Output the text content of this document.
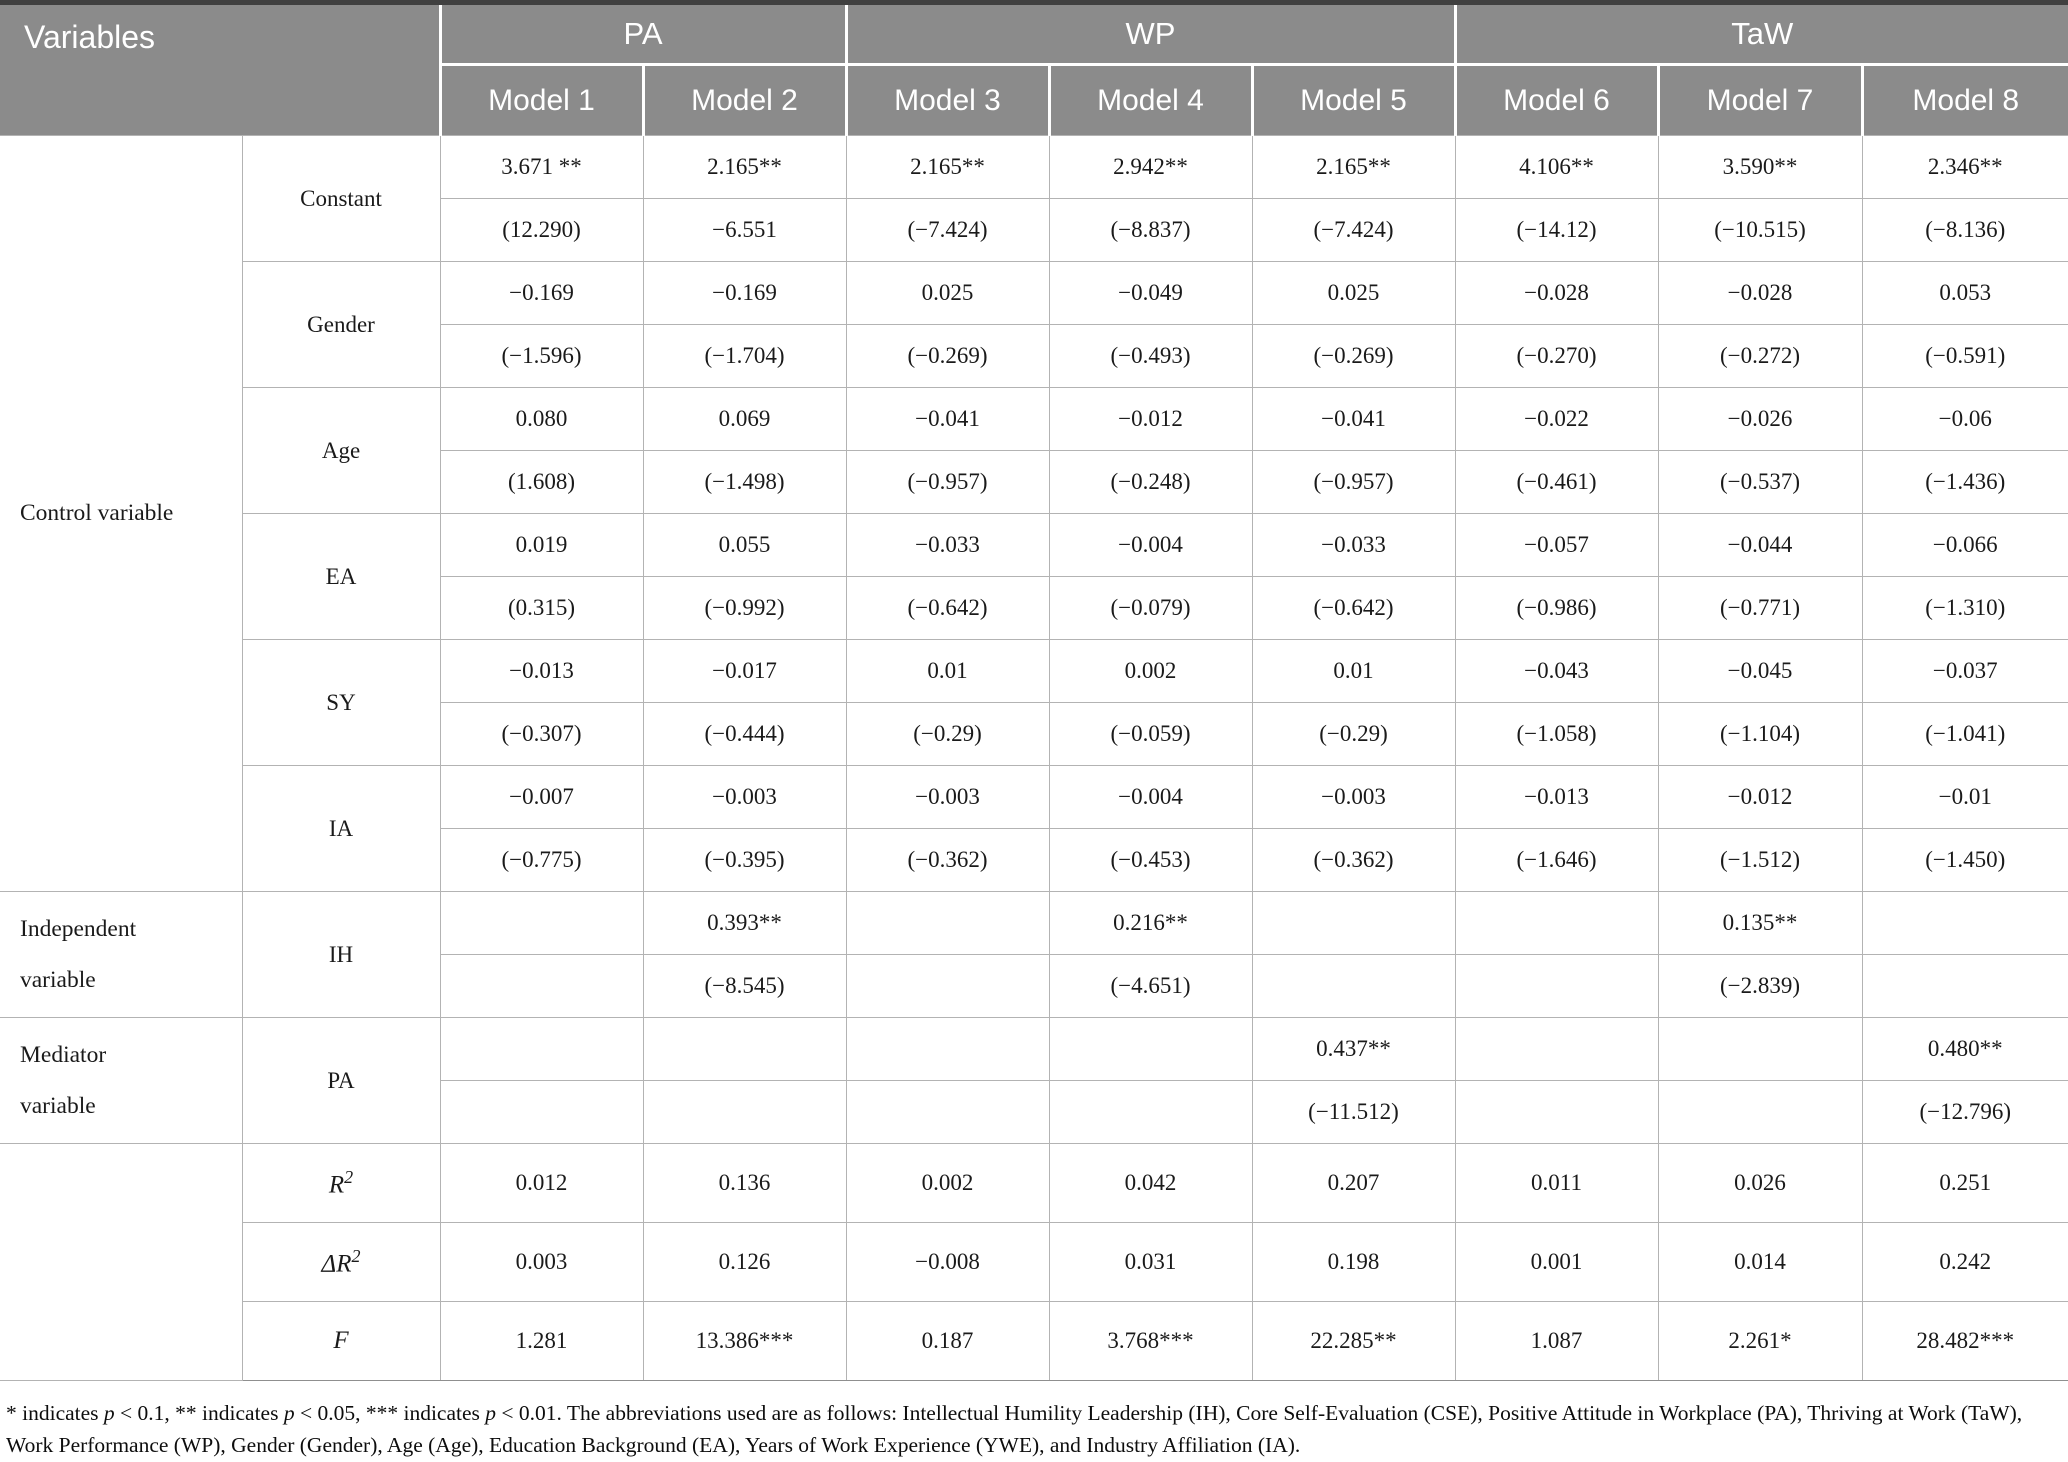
Variables		PA		WP			TaW		
		Model 1	Model 2	Model 3	Model 4	Model 5	Model 6	Model 7	Model 8
Control variable	Constant	3.671 **	2.165**	2.165**	2.942**	2.165**	4.106**	3.590**	2.346**
		(12.290)	−6.551	(−7.424)	(−8.837)	(−7.424)	(−14.12)	(−10.515)	(−8.136)
	Gender	−0.169	−0.169	0.025	−0.049	0.025	−0.028	−0.028	0.053
		(−1.596)	(−1.704)	(−0.269)	(−0.493)	(−0.269)	(−0.270)	(−0.272)	(−0.591)
	Age	0.080	0.069	−0.041	−0.012	−0.041	−0.022	−0.026	−0.06
		(1.608)	(−1.498)	(−0.957)	(−0.248)	(−0.957)	(−0.461)	(−0.537)	(−1.436)
	EA	0.019	0.055	−0.033	−0.004	−0.033	−0.057	−0.044	−0.066
		(0.315)	(−0.992)	(−0.642)	(−0.079)	(−0.642)	(−0.986)	(−0.771)	(−1.310)
	SY	−0.013	−0.017	0.01	0.002	0.01	−0.043	−0.045	−0.037
		(−0.307)	(−0.444)	(−0.29)	(−0.059)	(−0.29)	(−1.058)	(−1.104)	(−1.041)
	IA	−0.007	−0.003	−0.003	−0.004	−0.003	−0.013	−0.012	−0.01
		(−0.775)	(−0.395)	(−0.362)	(−0.453)	(−0.362)	(−1.646)	(−1.512)	(−1.450)
Independent
variable	IH		0.393**		0.216**			0.135**	
			(−8.545)		(−4.651)			(−2.839)	
Mediator
variable	PA					0.437**			0.480**
						(−11.512)			(−12.796)
	$R^2$	0.012	0.136	0.002	0.042	0.207	0.011	0.026	0.251
	$\Delta R^2$	0.003	0.126	−0.008	0.031	0.198	0.001	0.014	0.242
	F	1.281	13.386***	0.187	3.768***	22.285**	1.087	2.261*	28.482***
* indicates p < 0.1, ** indicates p < 0.05, *** indicates p < 0.01. The abbreviations used are as follows: Intellectual Humility Leadership (IH), Core Self-Evaluation (CSE), Positive Attitude in Workplace (PA), Thriving at Work (TaW), Work Performance (WP), Gender (Gender), Age (Age), Education Background (EA), Years of Work Experience (YWE), and Industry Affiliation (IA).
